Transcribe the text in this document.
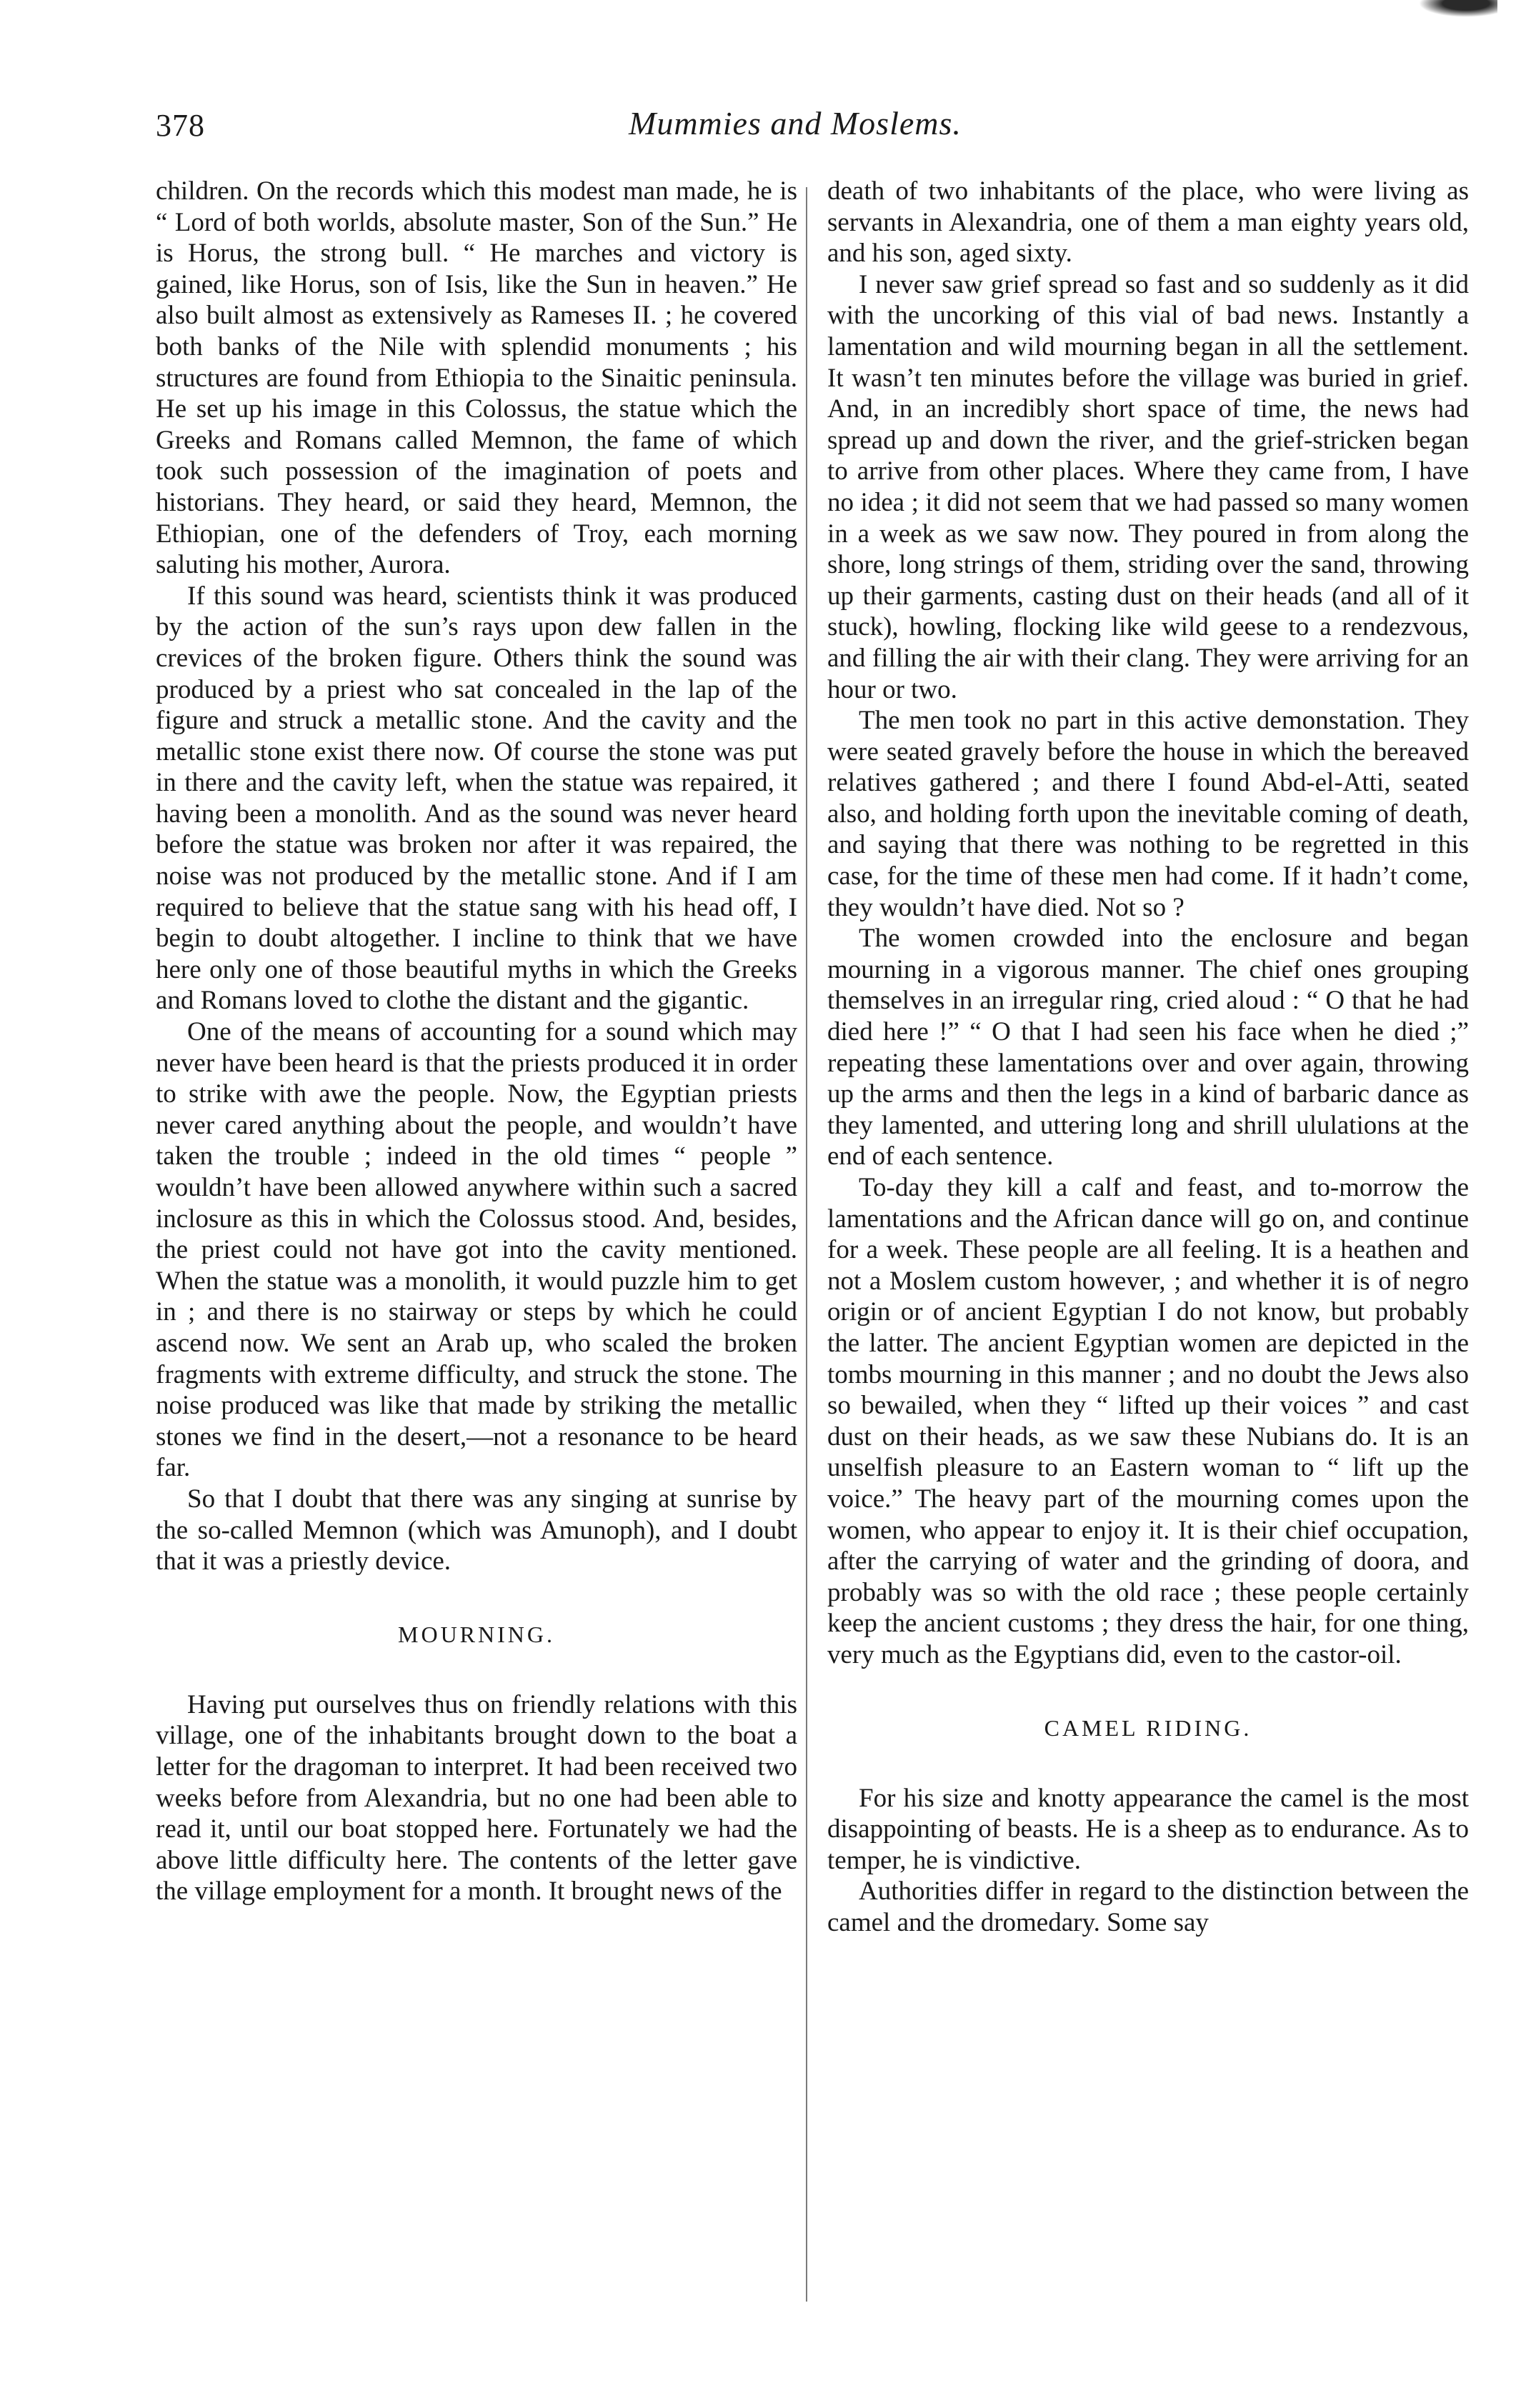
378	Mummies and Moslems.

children. On the records which this modest man made, he is “ Lord of both worlds, absolute master, Son of the Sun.” He is Horus, the strong bull. “ He marches and victory is gained, like Horus, son of Isis, like the Sun in heaven.” He also built almost as extensively as Rameses II. ; he covered both banks of the Nile with splendid monuments ; his structures are found from Ethiopia to the Sinaitic peninsula. He set up his image in this Colossus, the statue which the Greeks and Romans called Memnon, the fame of which took such possession of the imagination of poets and historians. They heard, or said they heard, Memnon, the Ethiopian, one of the defenders of Troy, each morning saluting his mother, Aurora.

If this sound was heard, scientists think it was produced by the action of the sun’s rays upon dew fallen in the crevices of the broken figure. Others think the sound was produced by a priest who sat concealed in the lap of the figure and struck a metallic stone. And the cavity and the metallic stone exist there now. Of course the stone was put in there and the cavity left, when the statue was repaired, it having been a monolith. And as the sound was never heard before the statue was broken nor after it was repaired, the noise was not produced by the metallic stone. And if I am required to believe that the statue sang with his head off, I begin to doubt altogether. I incline to think that we have here only one of those beautiful myths in which the Greeks and Romans loved to clothe the distant and the gigantic.

One of the means of accounting for a sound which may never have been heard is that the priests produced it in order to strike with awe the people. Now, the Egyptian priests never cared anything about the people, and wouldn’t have taken the trouble ; indeed in the old times “ people ” wouldn’t have been allowed anywhere within such a sacred inclosure as this in which the Colossus stood. And, besides, the priest could not have got into the cavity mentioned. When the statue was a monolith, it would puzzle him to get in ; and there is no stairway or steps by which he could ascend now. We sent an Arab up, who scaled the broken fragments with extreme difficulty, and struck the stone. The noise produced was like that made by striking the metallic stones we find in the desert,—not a resonance to be heard far.

So that I doubt that there was any singing at sunrise by the so-called Memnon (which was Amunoph), and I doubt that it was a priestly device.

MOURNING.

Having put ourselves thus on friendly relations with this village, one of the inhabitants brought down to the boat a letter for the dragoman to interpret. It had been received two weeks before from Alexandria, but no one had been able to read it, until our boat stopped here. Fortunately we had the above little difficulty here. The contents of the letter gave the village employment for a month. It brought news of the

death of two inhabitants of the place, who were living as servants in Alexandria, one of them a man eighty years old, and his son, aged sixty.

I never saw grief spread so fast and so suddenly as it did with the uncorking of this vial of bad news. Instantly a lamentation and wild mourning began in all the settlement. It wasn’t ten minutes before the village was buried in grief. And, in an incredibly short space of time, the news had spread up and down the river, and the grief-stricken began to arrive from other places. Where they came from, I have no idea ; it did not seem that we had passed so many women in a week as we saw now. They poured in from along the shore, long strings of them, striding over the sand, throwing up their garments, casting dust on their heads (and all of it stuck), howling, flocking like wild geese to a rendezvous, and filling the air with their clang. They were arriving for an hour or two.

The men took no part in this active demonstation. They were seated gravely before the house in which the bereaved relatives gathered ; and there I found Abd-el-Atti, seated also, and holding forth upon the inevitable coming of death, and saying that there was nothing to be regretted in this case, for the time of these men had come. If it hadn’t come, they wouldn’t have died. Not so ?

The women crowded into the enclosure and began mourning in a vigorous manner. The chief ones grouping themselves in an irregular ring, cried aloud : “ O that he had died here !” “ O that I had seen his face when he died ;” repeating these lamentations over and over again, throwing up the arms and then the legs in a kind of barbaric dance as they lamented, and uttering long and shrill ululations at the end of each sentence.

To-day they kill a calf and feast, and to-morrow the lamentations and the African dance will go on, and continue for a week. These people are all feeling. It is a heathen and not a Moslem custom however, ; and whether it is of negro origin or of ancient Egyptian I do not know, but probably the latter. The ancient Egyptian women are depicted in the tombs mourning in this manner ; and no doubt the Jews also so bewailed, when they “ lifted up their voices ” and cast dust on their heads, as we saw these Nubians do. It is an unselfish pleasure to an Eastern woman to “ lift up the voice.” The heavy part of the mourning comes upon the women, who appear to enjoy it. It is their chief occupation, after the carrying of water and the grinding of doora, and probably was so with the old race ; these people certainly keep the ancient customs ; they dress the hair, for one thing, very much as the Egyptians did, even to the castor-oil.

CAMEL RIDING.

For his size and knotty appearance the camel is the most disappointing of beasts. He is a sheep as to endurance. As to temper, he is vindictive.

Authorities differ in regard to the distinction between the camel and the dromedary. Some say
